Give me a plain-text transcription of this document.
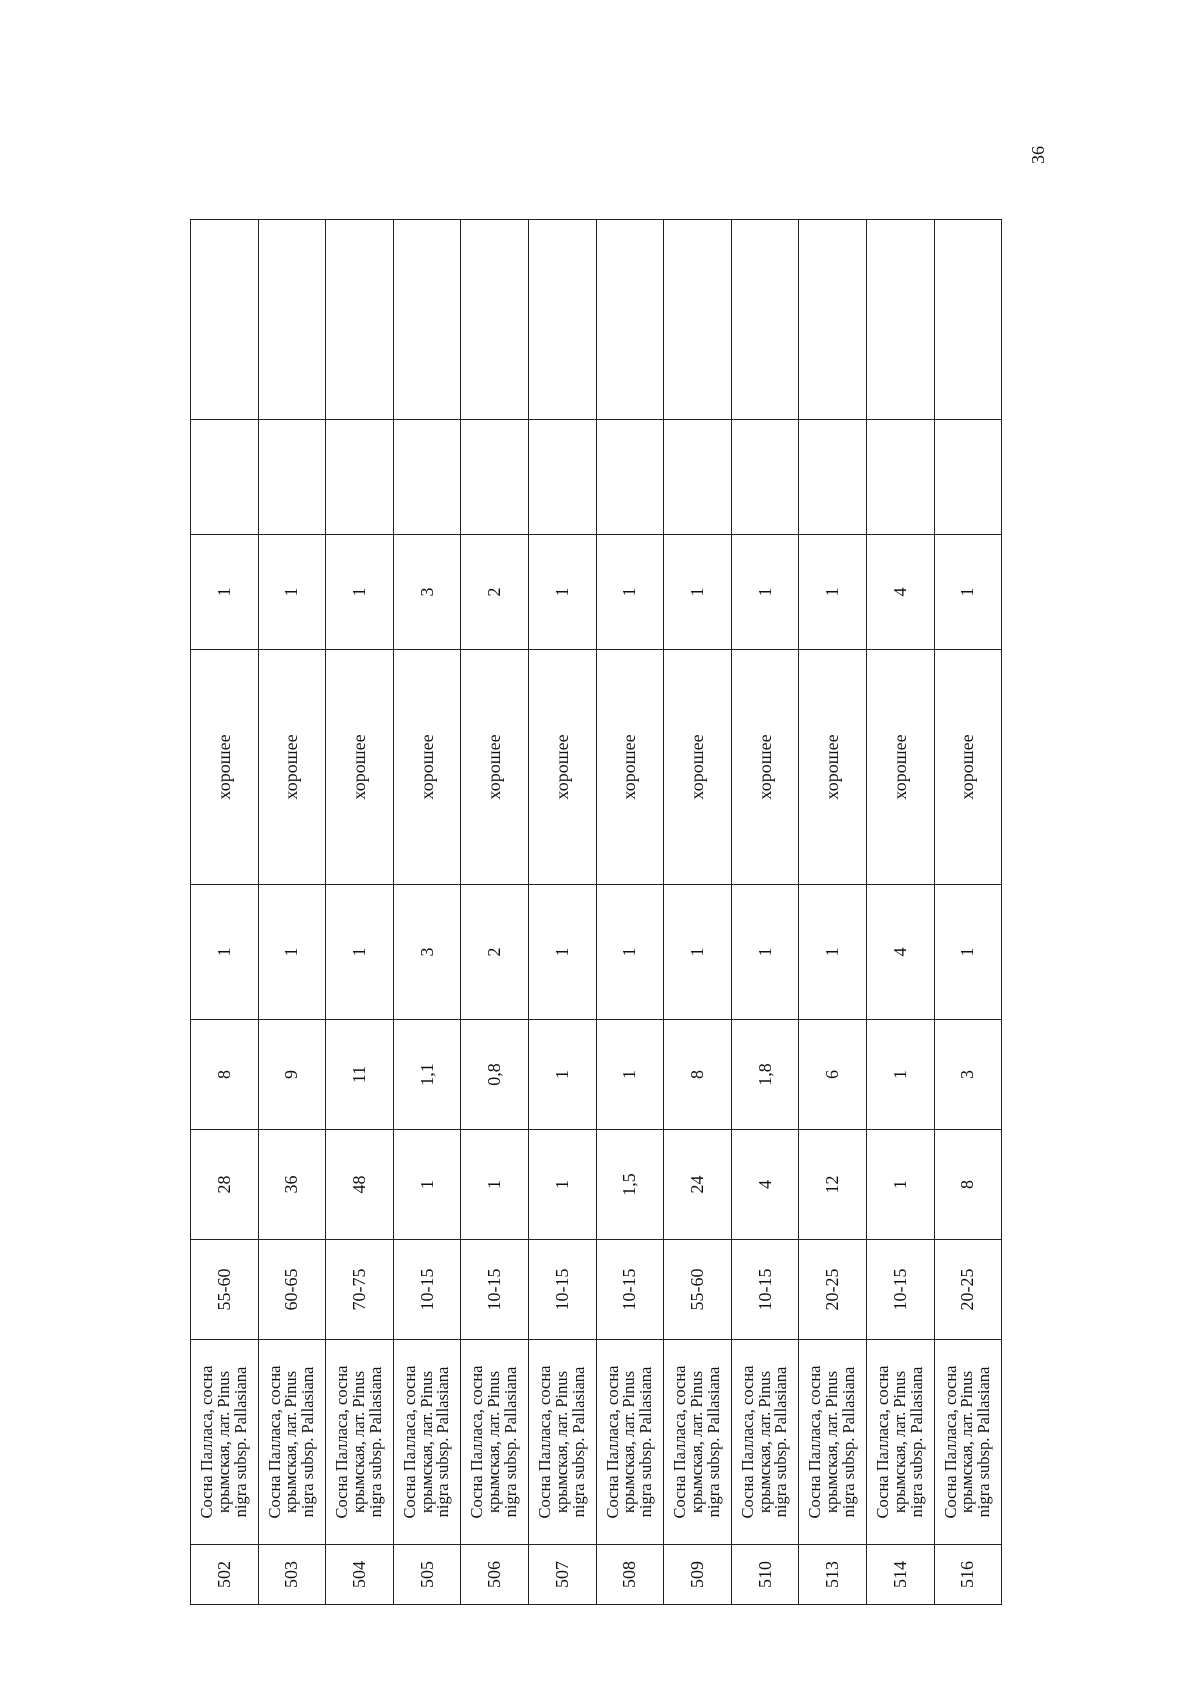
36
502	Сосна Палласа, сосна
крымская, лат. Pinus
nigra subsp. Pallasiana	55-60	28	8	1	хорошее	1		
503	Сосна Палласа, сосна
крымская, лат. Pinus
nigra subsp. Pallasiana	60-65	36	9	1	хорошее	1		
504	Сосна Палласа, сосна
крымская, лат. Pinus
nigra subsp. Pallasiana	70-75	48	11	1	хорошее	1		
505	Сосна Палласа, сосна
крымская, лат. Pinus
nigra subsp. Pallasiana	10-15	1	1,1	3	хорошее	3		
506	Сосна Палласа, сосна
крымская, лат. Pinus
nigra subsp. Pallasiana	10-15	1	0,8	2	хорошее	2		
507	Сосна Палласа, сосна
крымская, лат. Pinus
nigra subsp. Pallasiana	10-15	1	1	1	хорошее	1		
508	Сосна Палласа, сосна
крымская, лат. Pinus
nigra subsp. Pallasiana	10-15	1,5	1	1	хорошее	1		
509	Сосна Палласа, сосна
крымская, лат. Pinus
nigra subsp. Pallasiana	55-60	24	8	1	хорошее	1		
510	Сосна Палласа, сосна
крымская, лат. Pinus
nigra subsp. Pallasiana	10-15	4	1,8	1	хорошее	1		
513	Сосна Палласа, сосна
крымская, лат. Pinus
nigra subsp. Pallasiana	20-25	12	6	1	хорошее	1		
514	Сосна Палласа, сосна
крымская, лат. Pinus
nigra subsp. Pallasiana	10-15	1	1	4	хорошее	4		
516	Сосна Палласа, сосна
крымская, лат. Pinus
nigra subsp. Pallasiana	20-25	8	3	1	хорошее	1		
